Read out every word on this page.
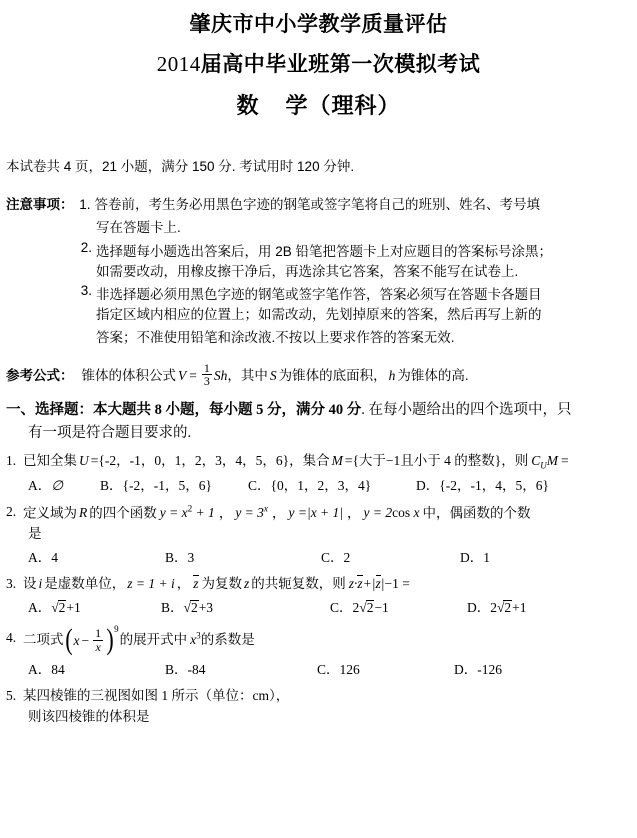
肇庆市中小学教学质量评估
2014届高中毕业班第一次模拟考试
数 学（理科）
本试卷共 4 页，21 小题，满分 150 分. 考试用时 120 分钟.
注意事项： 1. 答卷前，考生务必用黑色字迹的钢笔或签字笔将自己的班别、姓名、考号填
写在答题卡上.
2. 选择题每小题选出答案后，用 2B 铅笔把答题卡上对应题目的答案标号涂黑；
如需要改动，用橡皮擦干净后，再选涂其它答案，答案不能写在试卷上.
3. 非选择题必须用黑色字迹的钢笔或签字笔作答，答案必须写在答题卡各题目
指定区域内相应的位置上；如需改动，先划掉原来的答案，然后再写上新的
答案；不准使用铅笔和涂改液.不按以上要求作答的答案无效.
参考公式： 锥体的体积公式 $V = \frac{1}{3}$ Sh ，其中 S 为锥体的底面积， h 为锥体的高.
一、选择题：本大题共 8 小题，每小题 5 分，满分 40 分. 在每小题给出的四个选项中，只
有一项是符合题目要求的.
1. 已知全集 U ={-2，-1，0，1，2，3，4，5，6}，集合 M ={大于−1且小于 4 的整数}，则 $C_UM$ =
A．∅	B．{-2，-1，5，6}	C．{0，1，2，3，4}	D．{-2，-1，4，5，6}
2. 定义域为 R 的四个函数 $y = x^2 + 1$ ， $y = 3^x$ ， y =|x + 1| ， y = 2cos x 中，偶函数的个数
是
A．4	B．3	C．2	D．1
3. 设 i 是虚数单位， z = 1 + i ， z 为复数 z 的共轭复数，则 z·z+|z|−1 =
A．√2+1	B．√2+3	C．2√2−1	D．2√2+1
4. 二项式 ( $x - \frac{1}{x}$ ) 9
的展开式中 $x^3$的系数是
A．84	B．-84	C．126	D．-126
5. 某四棱锥的三视图如图 1 所示（单位：cm），
则该四棱锥的体积是
